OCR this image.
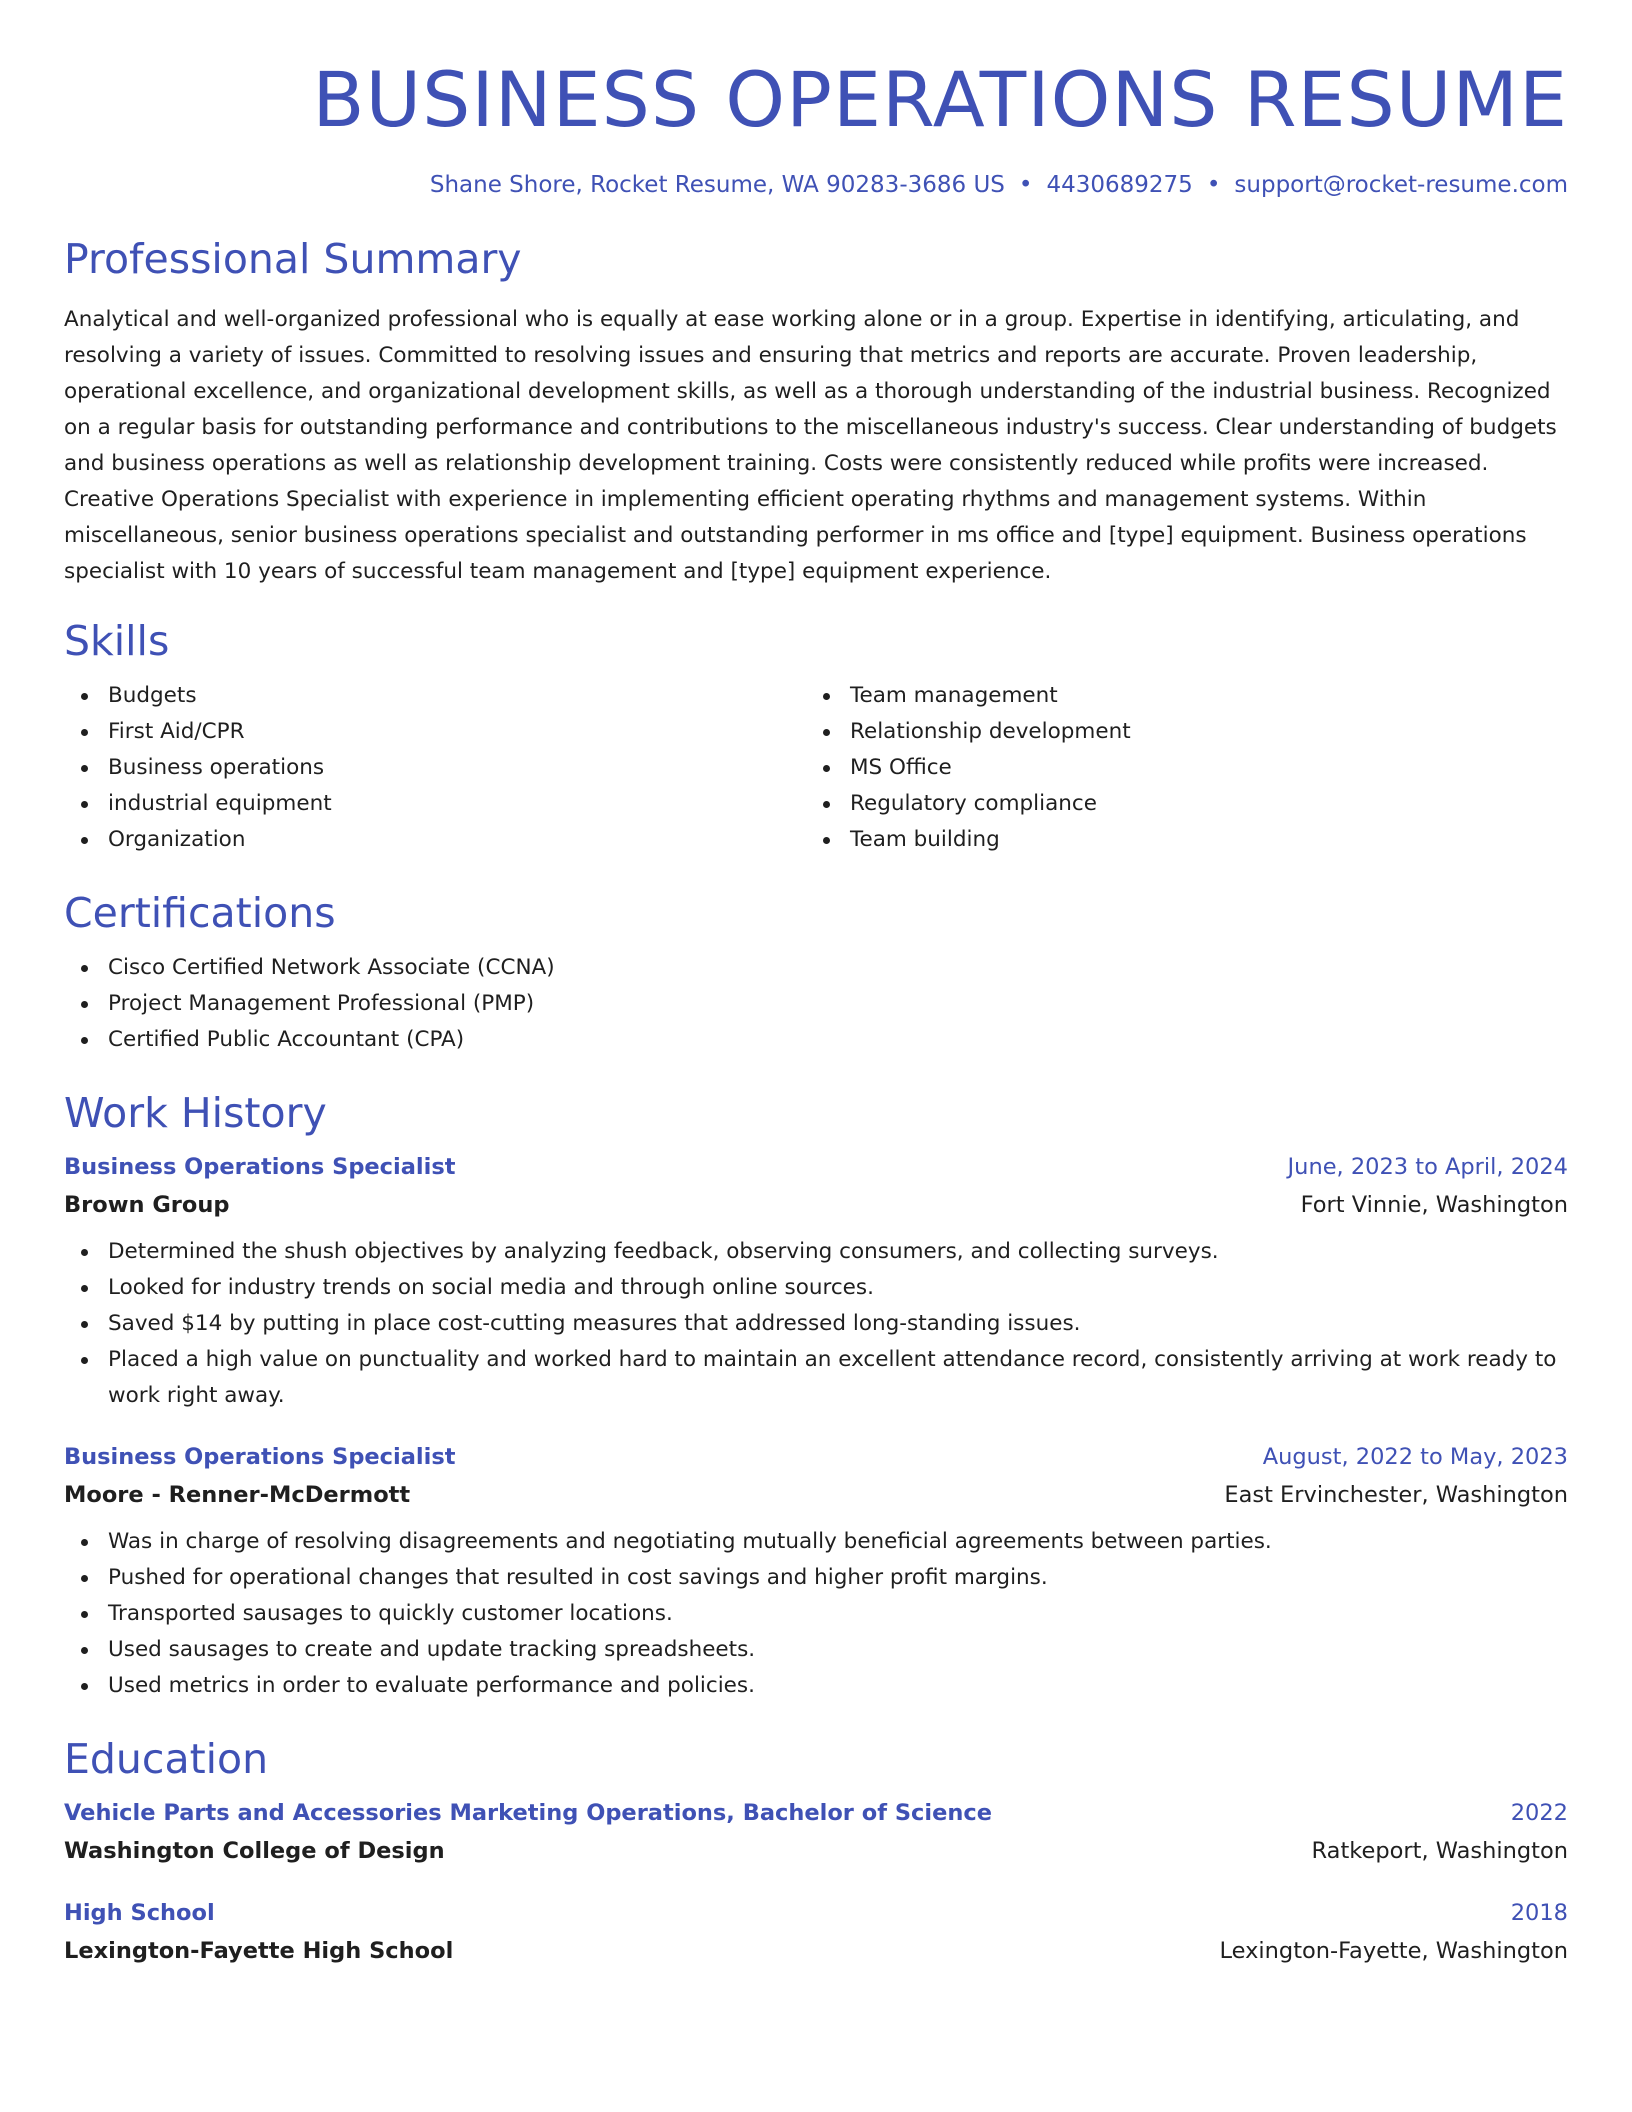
BUSINESS OPERATIONS RESUME
Shane Shore, Rocket Resume, WA 90283-3686 US • 4430689275 • support@rocket-resume.com
Professional Summary

Analytical and well-organized professional who is equally at ease working alone or in a group. Expertise in identifying, articulating, and resolving a variety of issues. Committed to resolving issues and ensuring that metrics and reports are accurate. Proven leadership, operational excellence, and organizational development skills, as well as a thorough understanding of the industrial business. Recognized on a regular basis for outstanding performance and contributions to the miscellaneous industry's success. Clear understanding of budgets and business operations as well as relationship development training. Costs were consistently reduced while profits were increased. Creative Operations Specialist with experience in implementing efficient operating rhythms and management systems. Within miscellaneous, senior business operations specialist and outstanding performer in ms office and [type] equipment. Business operations specialist with 10 years of successful team management and [type] equipment experience.

Skills
Budgets
First Aid/CPR
Business operations
industrial equipment
Organization
Team management
Relationship development
MS Office
Regulatory compliance
Team building
Certifications
Cisco Certified Network Associate (CCNA)
Project Management Professional (PMP)
Certified Public Accountant (CPA)
Work History
Business Operations Specialist	June, 2023 to April, 2024
Brown Group	Fort Vinnie, Washington
Determined the shush objectives by analyzing feedback, observing consumers, and collecting surveys.
Looked for industry trends on social media and through online sources.
Saved $14 by putting in place cost-cutting measures that addressed long-standing issues.
Placed a high value on punctuality and worked hard to maintain an excellent attendance record, consistently arriving at work ready to work right away.
Business Operations Specialist	August, 2022 to May, 2023
Moore - Renner-McDermott	East Ervinchester, Washington
Was in charge of resolving disagreements and negotiating mutually beneficial agreements between parties.
Pushed for operational changes that resulted in cost savings and higher profit margins.
Transported sausages to quickly customer locations.
Used sausages to create and update tracking spreadsheets.
Used metrics in order to evaluate performance and policies.
Education
Vehicle Parts and Accessories Marketing Operations, Bachelor of Science	2022
Washington College of Design	Ratkeport, Washington
High School	2018
Lexington-Fayette High School	Lexington-Fayette, Washington
